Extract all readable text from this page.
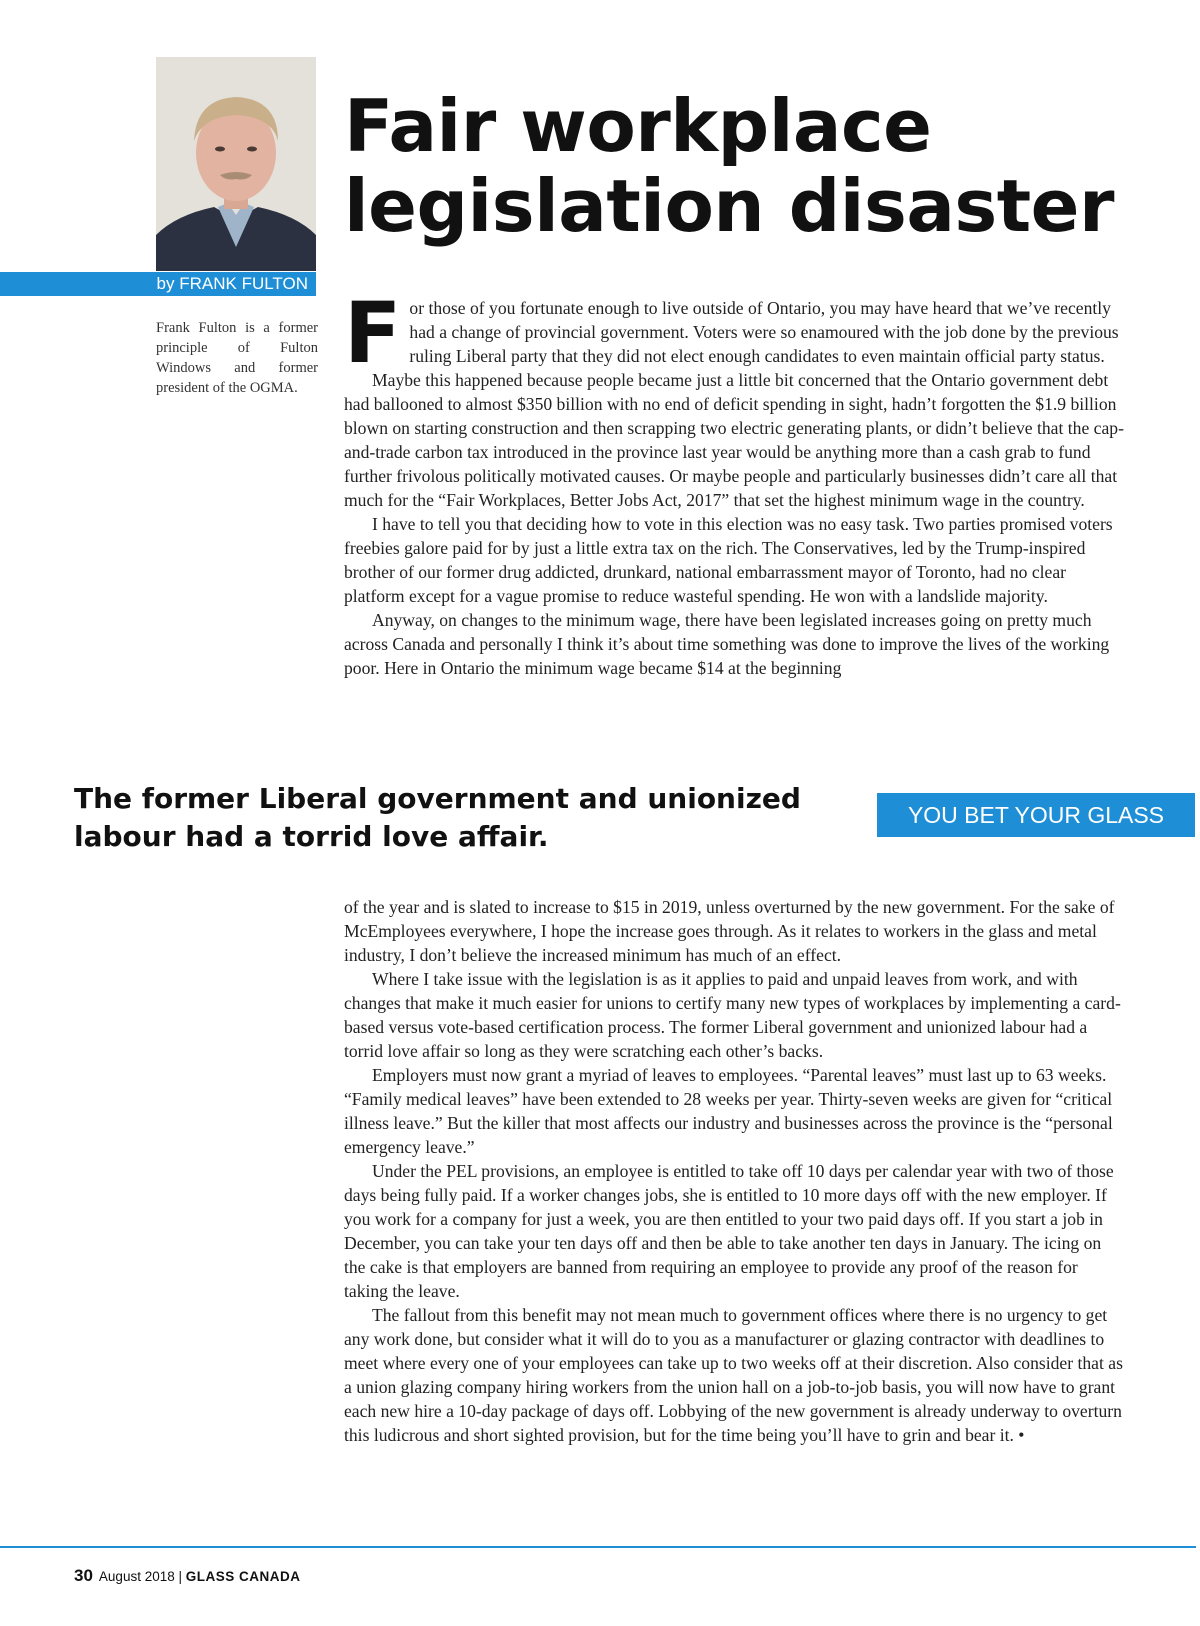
by FRANK FULTON
Frank Fulton is a former principle of Fulton Windows and former president of the OGMA.
Fair workplace legislation disaster

For those of you fortunate enough to live outside of Ontario, you may have heard that we’ve recently had a change of provincial government. Voters were so enamoured with the job done by the previous ruling Liberal party that they did not elect enough candidates to even maintain official party status.

Maybe this happened because people became just a little bit concerned that the Ontario government debt had ballooned to almost $350 billion with no end of deficit spending in sight, hadn’t forgotten the $1.9 billion blown on starting construction and then scrapping two electric generating plants, or didn’t believe that the cap-and-trade carbon tax introduced in the province last year would be anything more than a cash grab to fund further frivolous politically motivated causes. Or maybe people and particularly businesses didn’t care all that much for the “Fair Workplaces, Better Jobs Act, 2017” that set the highest minimum wage in the country.

I have to tell you that deciding how to vote in this election was no easy task. Two parties promised voters freebies galore paid for by just a little extra tax on the rich. The Conservatives, led by the Trump-inspired brother of our former drug addicted, drunkard, national embarrassment mayor of Toronto, had no clear platform except for a vague promise to reduce wasteful spending. He won with a landslide majority.

Anyway, on changes to the minimum wage, there have been legislated increases going on pretty much across Canada and personally I think it’s about time something was done to improve the lives of the working poor. Here in Ontario the minimum wage became $14 at the beginning

The former Liberal government and unionized labour had a torrid love affair.
YOU BET YOUR GLASS

of the year and is slated to increase to $15 in 2019, unless overturned by the new government. For the sake of McEmployees everywhere, I hope the increase goes through. As it relates to workers in the glass and metal industry, I don’t believe the increased minimum has much of an effect.

Where I take issue with the legislation is as it applies to paid and unpaid leaves from work, and with changes that make it much easier for unions to certify many new types of workplaces by implementing a card-based versus vote-based certification process. The former Liberal government and unionized labour had a torrid love affair so long as they were scratching each other’s backs.

Employers must now grant a myriad of leaves to employees. “Parental leaves” must last up to 63 weeks. “Family medical leaves” have been extended to 28 weeks per year. Thirty-seven weeks are given for “critical illness leave.” But the killer that most affects our industry and businesses across the province is the “personal emergency leave.”

Under the PEL provisions, an employee is entitled to take off 10 days per calendar year with two of those days being fully paid. If a worker changes jobs, she is entitled to 10 more days off with the new employer. If you work for a company for just a week, you are then entitled to your two paid days off. If you start a job in December, you can take your ten days off and then be able to take another ten days in January. The icing on the cake is that employers are banned from requiring an employee to provide any proof of the reason for taking the leave.

The fallout from this benefit may not mean much to government offices where there is no urgency to get any work done, but consider what it will do to you as a manufacturer or glazing contractor with deadlines to meet where every one of your employees can take up to two weeks off at their discretion. Also consider that as a union glazing company hiring workers from the union hall on a job-to-job basis, you will now have to grant each new hire a 10-day package of days off. Lobbying of the new government is already underway to overturn this ludicrous and short sighted provision, but for the time being you’ll have to grin and bear it. •

30 August 2018 | GLASS CANADA
